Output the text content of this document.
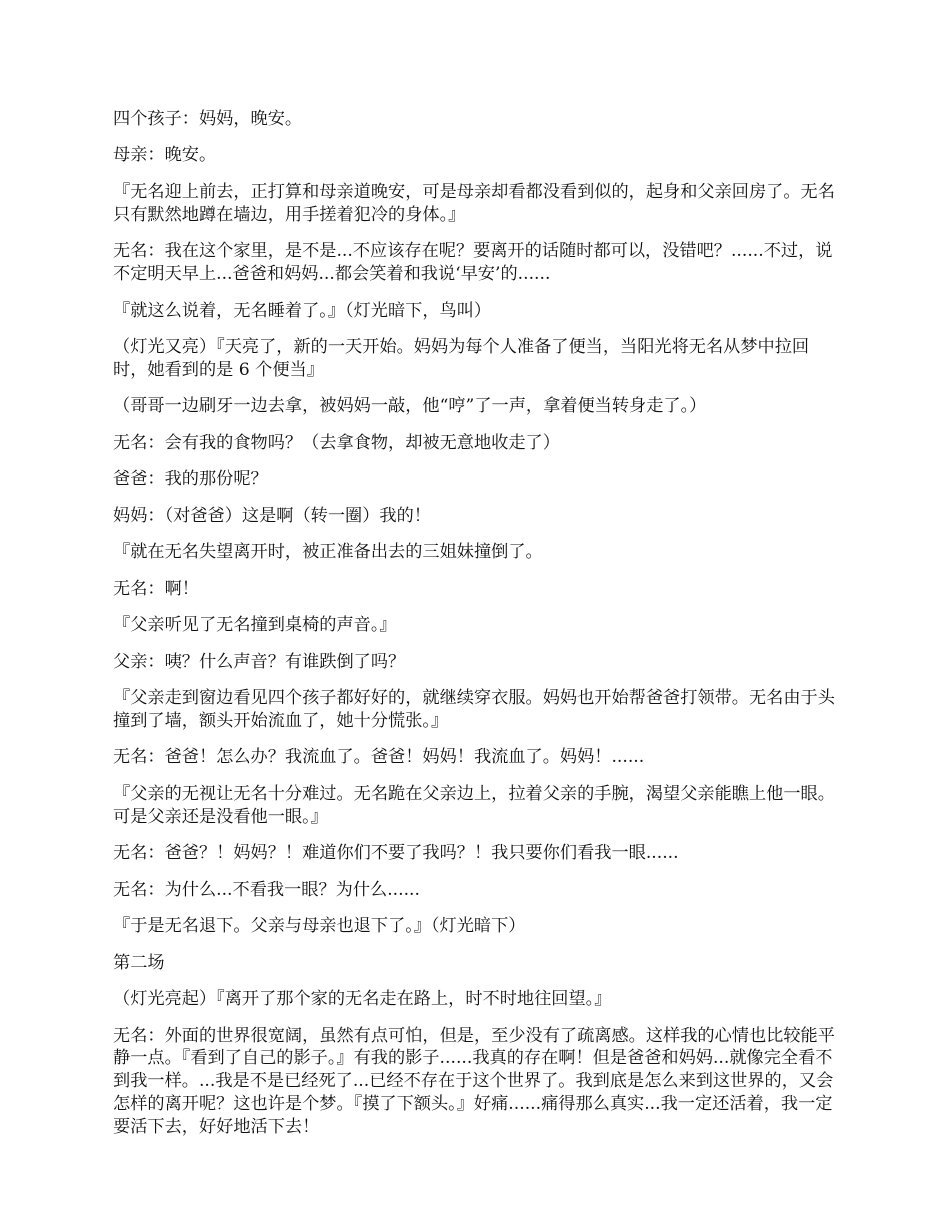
四个孩子：妈妈，晚安。

母亲：晚安。

『无名迎上前去，正打算和母亲道晚安，可是母亲却看都没看到似的，起身和父亲回房了。无名只有默然地蹲在墙边，用手搓着犯冷的身体。』

无名：我在这个家里，是不是...不应该存在呢？要离开的话随时都可以，没错吧？......不过，说不定明天早上...爸爸和妈妈...都会笑着和我说‘早安’的......

『就这么说着，无名睡着了。』（灯光暗下，鸟叫）

（灯光又亮）『天亮了，新的一天开始。妈妈为每个人准备了便当，当阳光将无名从梦中拉回时，她看到的是 6 个便当』

（哥哥一边刷牙一边去拿，被妈妈一敲，他“哼”了一声，拿着便当转身走了。）

无名：会有我的食物吗？（去拿食物，却被无意地收走了）

爸爸：我的那份呢？

妈妈：（对爸爸）这是啊（转一圈）我的！

『就在无名失望离开时，被正准备出去的三姐妹撞倒了。

无名：啊！

『父亲听见了无名撞到桌椅的声音。』

父亲：咦？什么声音？有谁跌倒了吗？

『父亲走到窗边看见四个孩子都好好的，就继续穿衣服。妈妈也开始帮爸爸打领带。无名由于头撞到了墙，额头开始流血了，她十分慌张。』

无名：爸爸！怎么办？我流血了。爸爸！妈妈！我流血了。妈妈！......

『父亲的无视让无名十分难过。无名跪在父亲边上，拉着父亲的手腕，渴望父亲能瞧上他一眼。可是父亲还是没看他一眼。』

无名：爸爸？！妈妈？！难道你们不要了我吗？！我只要你们看我一眼......

无名：为什么...不看我一眼？为什么......

『于是无名退下。父亲与母亲也退下了。』（灯光暗下）

第二场

（灯光亮起）『离开了那个家的无名走在路上，时不时地往回望。』

无名：外面的世界很宽阔，虽然有点可怕，但是，至少没有了疏离感。这样我的心情也比较能平静一点。『看到了自己的影子。』有我的影子......我真的存在啊！但是爸爸和妈妈...就像完全看不到我一样。...我是不是已经死了...已经不存在于这个世界了。我到底是怎么来到这世界的，又会怎样的离开呢？这也许是个梦。『摸了下额头。』好痛......痛得那么真实...我一定还活着，我一定要活下去，好好地活下去！
